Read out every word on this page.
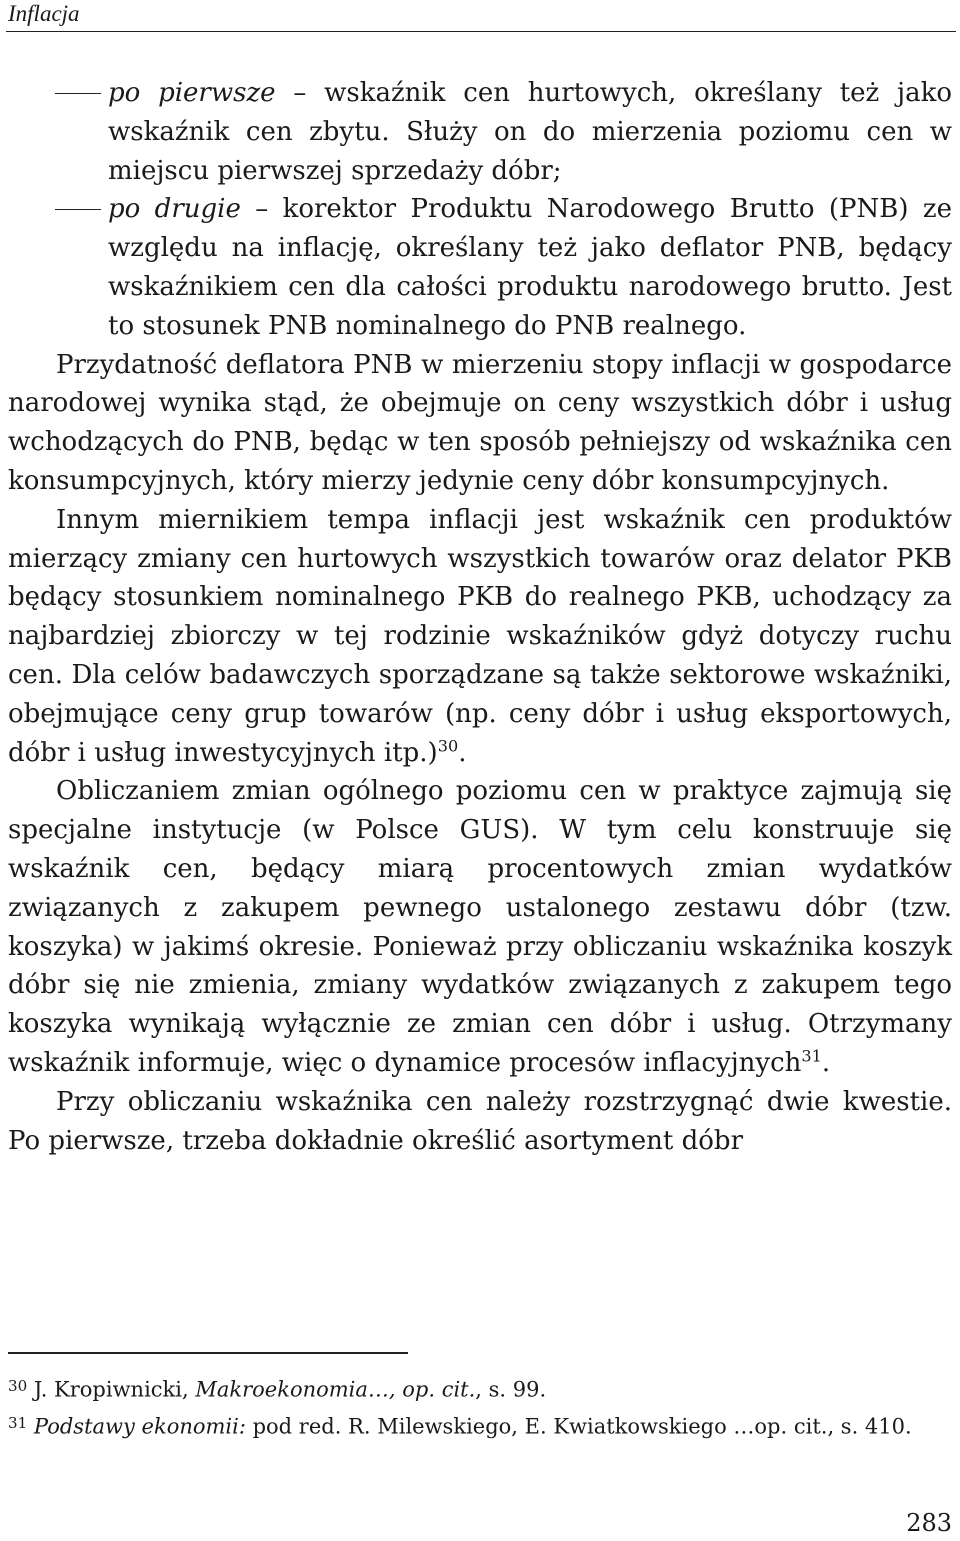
Inflacja

po pierwsze – wskaźnik cen hurtowych, określany też jako wskaźnik cen zbytu. Służy on do mierzenia poziomu cen w miejscu pierwszej sprzedaży dóbr;

po drugie – korektor Produktu Narodowego Brutto (PNB) ze względu na inflację, określany też jako deflator PNB, będący wskaźnikiem cen dla całości produktu narodowego brutto. Jest to stosunek PNB nominalnego do PNB realnego.

Przydatność deflatora PNB w mierzeniu stopy inflacji w gospodarce narodowej wynika stąd, że obejmuje on ceny wszystkich dóbr i usług wchodzących do PNB, będąc w ten sposób pełniejszy od wskaźnika cen konsumpcyjnych, który mierzy jedynie ceny dóbr konsumpcyjnych.

Innym miernikiem tempa inflacji jest wskaźnik cen produktów mierzący zmiany cen hurtowych wszystkich towarów oraz delator PKB będący stosunkiem nominalnego PKB do realnego PKB, uchodzący za najbardziej zbiorczy w tej rodzinie wskaźników gdyż dotyczy ruchu cen. Dla celów badawczych sporządzane są także sektorowe wskaźniki, obejmujące ceny grup towarów (np. ceny dóbr i usług eksportowych, dóbr i usług inwestycyjnych itp.)$^{30}$.

Obliczaniem zmian ogólnego poziomu cen w praktyce zajmują się specjalne instytucje (w Polsce GUS). W tym celu konstruuje się wskaźnik cen, będący miarą procentowych zmian wydatków związanych z zakupem pewnego ustalonego zestawu dóbr (tzw. koszyka) w jakimś okresie. Ponieważ przy obliczaniu wskaźnika koszyk dóbr się nie zmienia, zmiany wydatków związanych z zakupem tego koszyka wynikają wyłącznie ze zmian cen dóbr i usług. Otrzymany wskaźnik informuje, więc o dynamice procesów inflacyjnych$^{31}$.

Przy obliczaniu wskaźnika cen należy rozstrzygnąć dwie kwestie. Po pierwsze, trzeba dokładnie określić asortyment dóbr

$^{30}$ J. Kropiwnicki, Makroekonomia…, op. cit., s. 99.

$^{31}$ Podstawy ekonomii: pod red. R. Milewskiego, E. Kwiatkowskiego …op. cit., s. 410.

283
